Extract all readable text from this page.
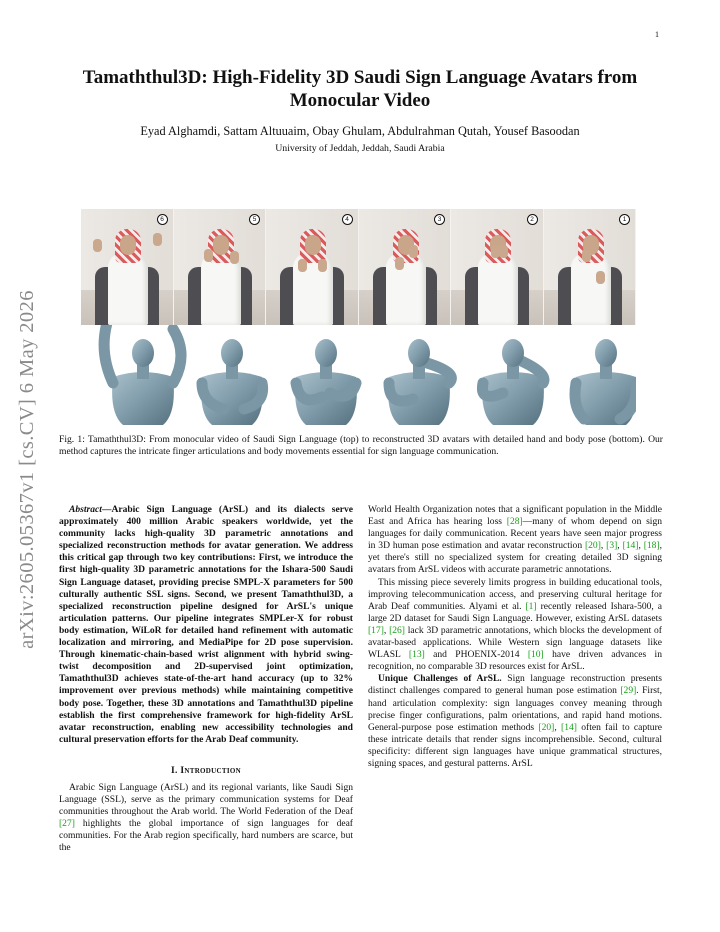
1
arXiv:2605.05367v1 [cs.CV] 6 May 2026
Tamaththul3D: High-Fidelity 3D Saudi Sign Language Avatars from Monocular Video
Eyad Alghamdi, Sattam Altuuaim, Obay Ghulam, Abdulrahman Qutah, Yousef Basoodan
University of Jeddah, Jeddah, Saudi Arabia
6	5	4	3	2	1

Fig. 1: Tamaththul3D: From monocular video of Saudi Sign Language (top) to reconstructed 3D avatars with detailed hand and body pose (bottom). Our method captures the intricate finger articulations and body movements essential for sign language communication.

Abstract—Arabic Sign Language (ArSL) and its dialects serve approximately 400 million Arabic speakers worldwide, yet the community lacks high-quality 3D parametric annotations and specialized reconstruction methods for avatar generation. We address this critical gap through two key contributions: First, we introduce the first high-quality 3D parametric annotations for the Ishara-500 Saudi Sign Language dataset, providing precise SMPL-X parameters for 500 culturally authentic SSL signs. Second, we present Tamaththul3D, a specialized reconstruction pipeline designed for ArSL's unique articulation patterns. Our pipeline integrates SMPLer-X for robust body estimation, WiLoR for detailed hand refinement with automatic localization and mirroring, and MediaPipe for 2D pose supervision. Through kinematic-chain-based wrist alignment with hybrid swing-twist decomposition and 2D-supervised joint optimization, Tamaththul3D achieves state-of-the-art hand accuracy (up to 32% improvement over previous methods) while maintaining competitive body pose. Together, these 3D annotations and Tamaththul3D pipeline establish the first comprehensive framework for high-fidelity ArSL avatar reconstruction, enabling new accessibility technologies and cultural preservation efforts for the Arab Deaf community.

I. Introduction

Arabic Sign Language (ArSL) and its regional variants, like Saudi Sign Language (SSL), serve as the primary communication systems for Deaf communities throughout the Arab world. The World Federation of the Deaf [27] highlights the global importance of sign languages for deaf communities. For the Arab region specifically, hard numbers are scarce, but the

World Health Organization notes that a significant population in the Middle East and Africa has hearing loss [28]—many of whom depend on sign languages for daily communication. Recent years have seen major progress in 3D human pose estimation and avatar reconstruction [20], [3], [14], [18], yet there's still no specialized system for creating detailed 3D signing avatars from ArSL videos with accurate parametric annotations.

This missing piece severely limits progress in building educational tools, improving telecommunication access, and preserving cultural heritage for Arab Deaf communities. Alyami et al. [1] recently released Ishara-500, a large 2D dataset for Saudi Sign Language. However, existing ArSL datasets [17], [26] lack 3D parametric annotations, which blocks the development of avatar-based applications. While Western sign language datasets like WLASL [13] and PHOENIX-2014 [10] have driven advances in recognition, no comparable 3D resources exist for ArSL.

Unique Challenges of ArSL. Sign language reconstruction presents distinct challenges compared to general human pose estimation [29]. First, hand articulation complexity: sign languages convey meaning through precise finger configurations, palm orientations, and rapid hand motions. General-purpose pose estimation methods [20], [14] often fail to capture these intricate details that render signs incomprehensible. Second, cultural specificity: different sign languages have unique grammatical structures, signing spaces, and gestural patterns. ArSL
